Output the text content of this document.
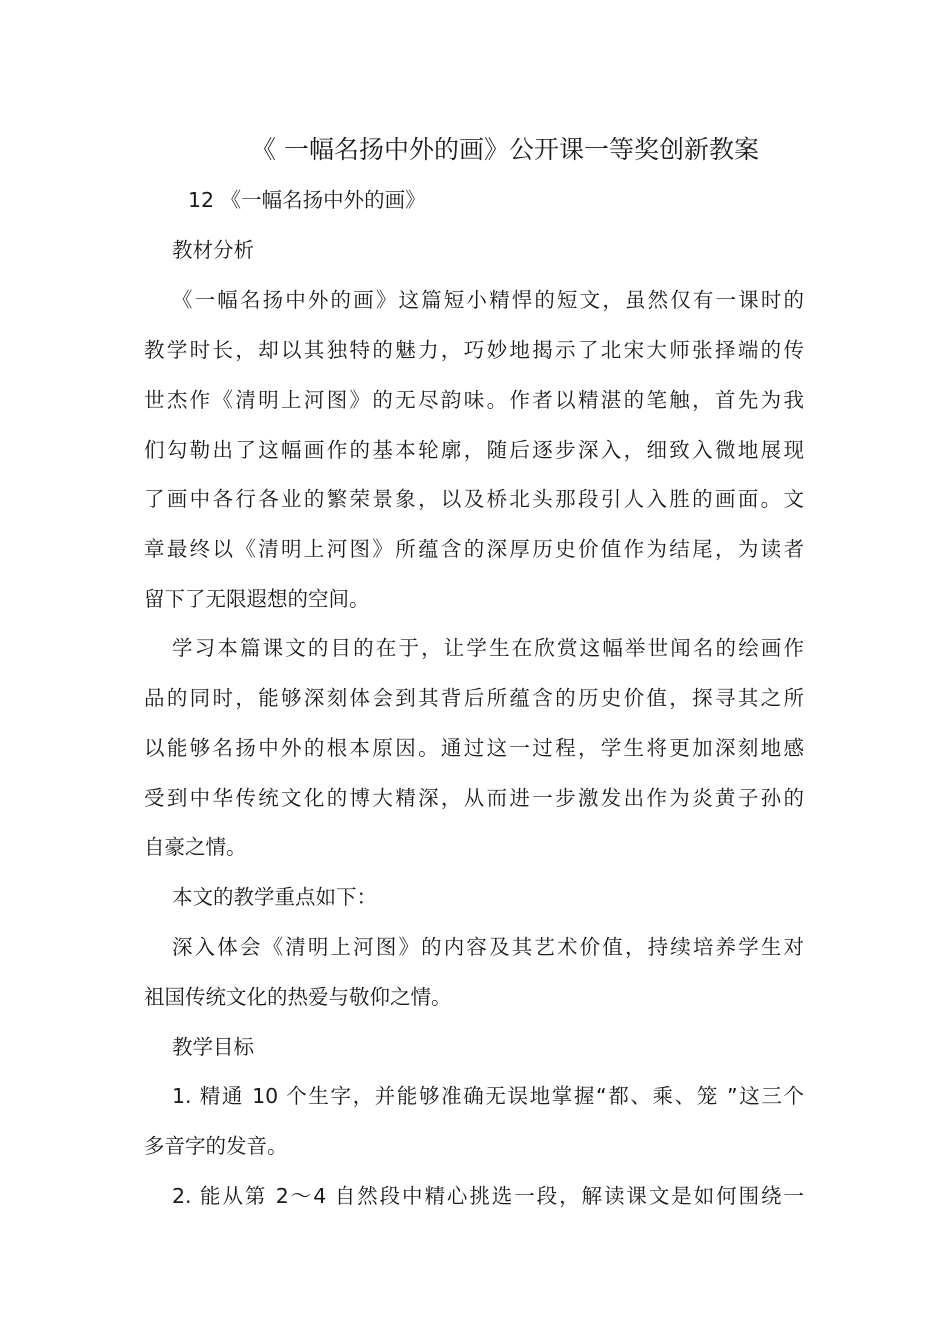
《 一幅名扬中外的画》公开课一等奖创新教案
12 《一幅名扬中外的画》
教材分析
《一幅名扬中外的画》这篇短小精悍的短文，虽然仅有一课时的
教学时长，却以其独特的魅力，巧妙地揭示了北宋大师张择端的传
世杰作《清明上河图》的无尽韵味。作者以精湛的笔触，首先为我
们勾勒出了这幅画作的基本轮廓，随后逐步深入，细致入微地展现
了画中各行各业的繁荣景象，以及桥北头那段引人入胜的画面。文
章最终以《清明上河图》所蕴含的深厚历史价值作为结尾，为读者
留下了无限遐想的空间。
学习本篇课文的目的在于，让学生在欣赏这幅举世闻名的绘画作
品的同时，能够深刻体会到其背后所蕴含的历史价值，探寻其之所
以能够名扬中外的根本原因。通过这一过程，学生将更加深刻地感
受到中华传统文化的博大精深，从而进一步激发出作为炎黄子孙的
自豪之情。
本文的教学重点如下：
深入体会《清明上河图》的内容及其艺术价值，持续培养学生对
祖国传统文化的热爱与敬仰之情。
教学目标
1. 精通 10 个生字，并能够准确无误地掌握“都、乘、笼 ”这三个
多音字的发音。
2. 能从第 2～4 自然段中精心挑选一段，解读课文是如何围绕一
